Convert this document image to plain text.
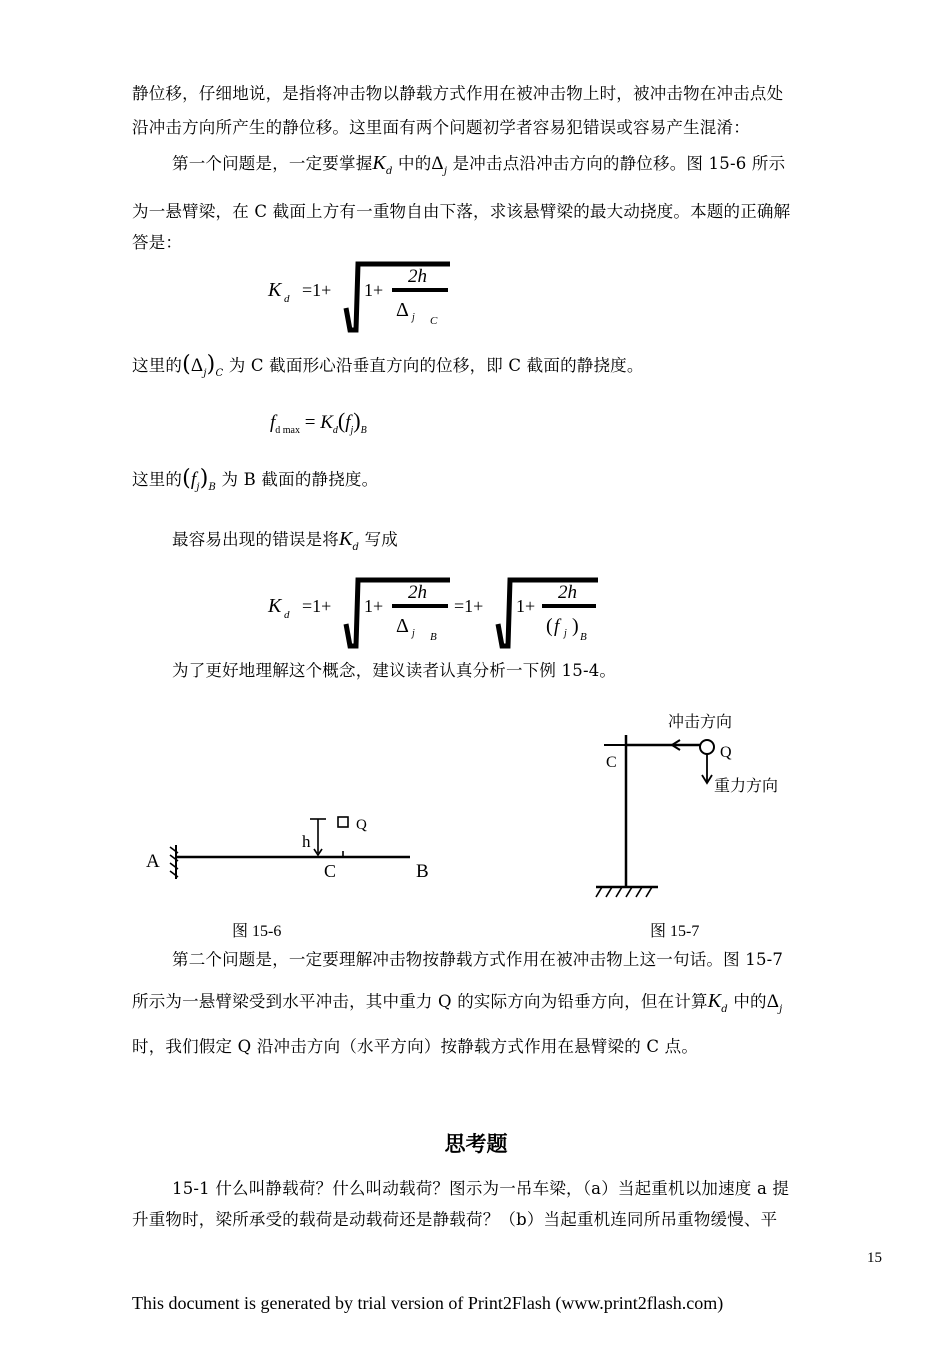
静位移，仔细地说，是指将冲击物以静载方式作用在被冲击物上时，被冲击物在冲击点处
沿冲击方向所产生的静位移。这里面有两个问题初学者容易犯错误或容易产生混淆：
第一个问题是，一定要掌握$K_d$ 中的$\Delta_j$ 是冲击点沿冲击方向的静位移。图 15-6 所示
为一悬臂梁，在 C 截面上方有一重物自由下落，求该悬臂梁的最大动挠度。本题的正确解
答是：
K d =1+ 1+
2h
Δ j C
这里的$(\Delta_j)_C$ 为 C 截面形心沿垂直方向的位移，即 C 截面的静挠度。
$f_{d max} = K_d(f_j)_B$
这里的$(f_j)_B$ 为 B 截面的静挠度。
最容易出现的错误是将$K_d$ 写成
K d =1+ 1+
2h
Δ j B
=1+ 1+
2h
( f j ) B
为了更好地理解这个概念，建议读者认真分析一下例 15-4。
A
h
Q
C	B
图 15-6
冲击方向
Q
重力方向
C
图 15-7
第二个问题是，一定要理解冲击物按静载方式作用在被冲击物上这一句话。图 15-7
所示为一悬臂梁受到水平冲击，其中重力 Q 的实际方向为铅垂方向，但在计算$K_d$ 中的$\Delta_j$
时，我们假定 Q 沿冲击方向（水平方向）按静载方式作用在悬臂梁的 C 点。
思考题
15-1 什么叫静载荷？什么叫动载荷？图示为一吊车梁，（a）当起重机以加速度 a 提
升重物时，梁所承受的载荷是动载荷还是静载荷？（b）当起重机连同所吊重物缓慢、平
15
This document is generated by trial version of Print2Flash (www.print2flash.com)
